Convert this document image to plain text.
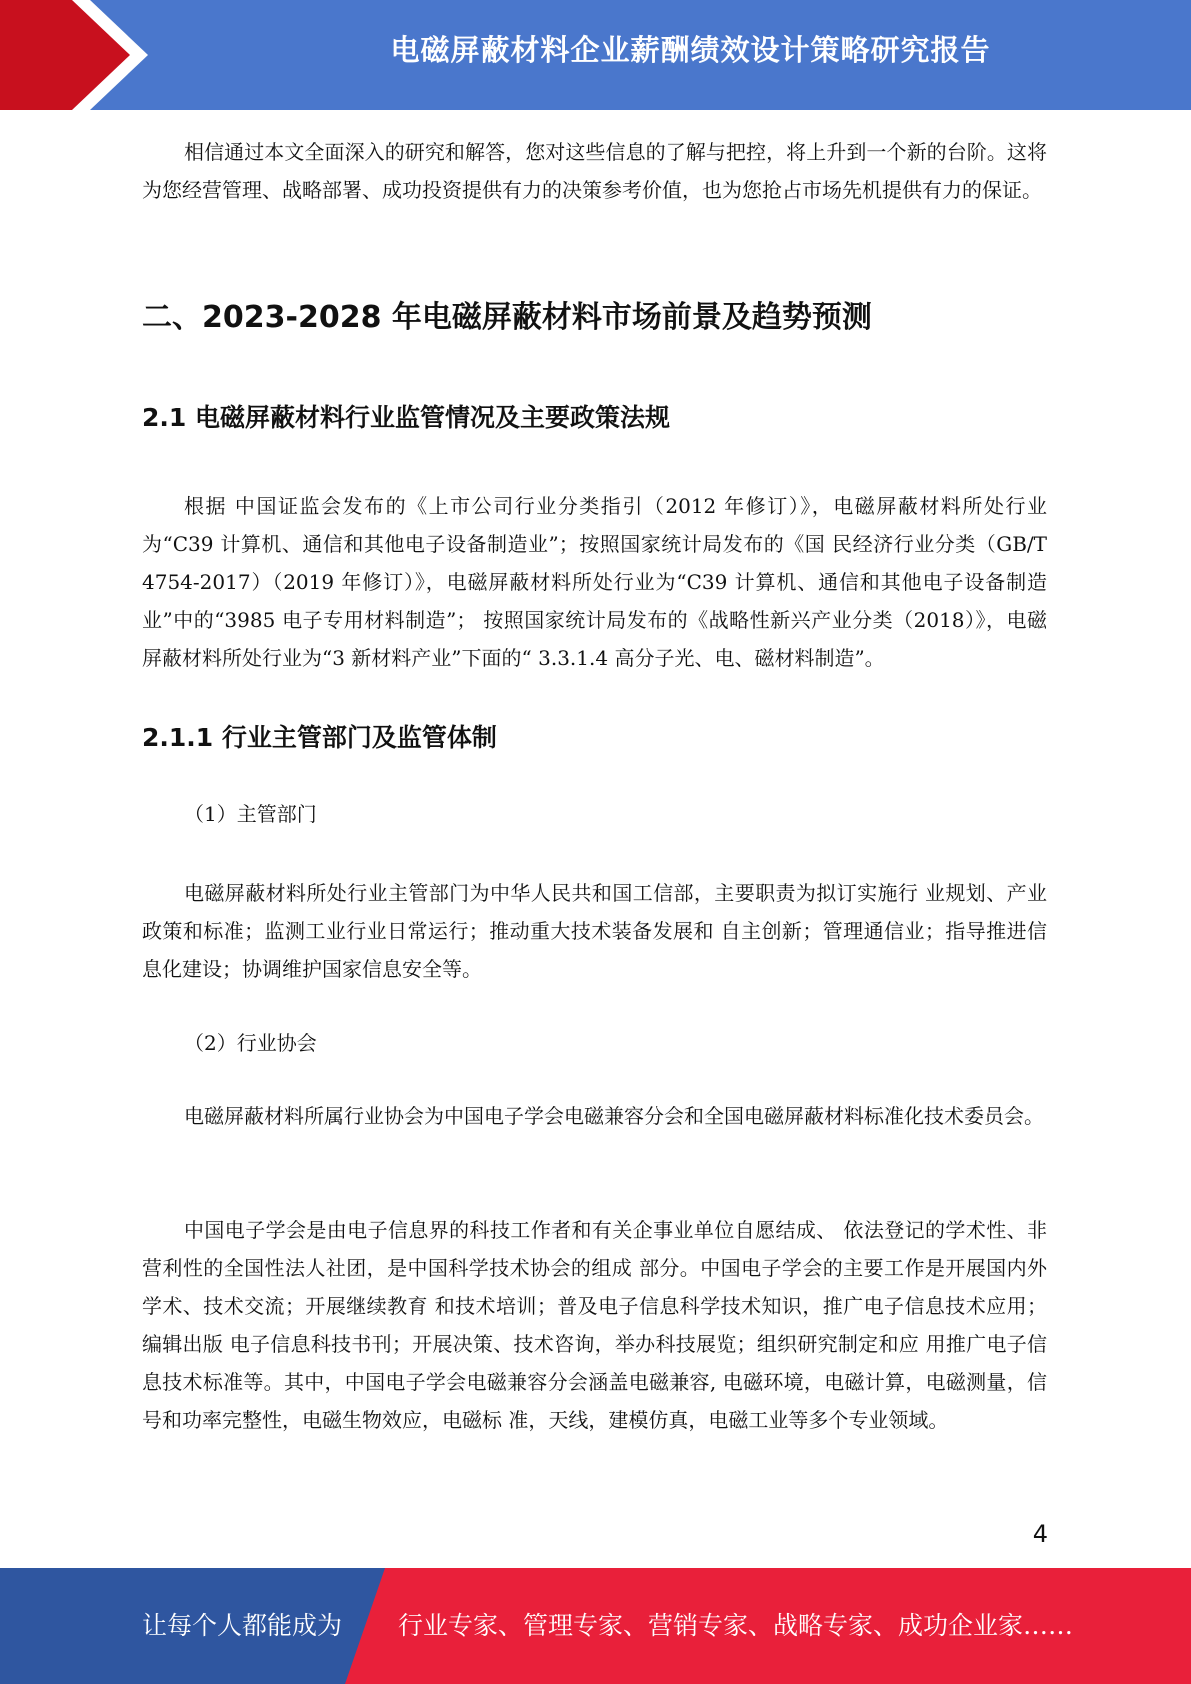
电磁屏蔽材料企业薪酬绩效设计策略研究报告

相信通过本文全面深入的研究和解答，您对这些信息的了解与把控，将上升到一个新的台阶。这将为您经营管理、战略部署、成功投资提供有力的决策参考价值，也为您抢占市场先机提供有力的保证。

二、2023-2028 年电磁屏蔽材料市场前景及趋势预测
2.1 电磁屏蔽材料行业监管情况及主要政策法规

根据 中国证监会发布的《上市公司行业分类指引（2012 年修订）》，电磁屏蔽材料所处行业为“C39 计算机、通信和其他电子设备制造业”；按照国家统计局发布的《国 民经济行业分类（GB/T 4754-2017）（2019 年修订）》，电磁屏蔽材料所处行业为“C39 计算机、通信和其他电子设备制造业”中的“3985 电子专用材料制造”； 按照国家统计局发布的《战略性新兴产业分类（2018）》，电磁屏蔽材料所处行业为“3 新材料产业”下面的“ 3.3.1.4 高分子光、电、磁材料制造”。

2.1.1 行业主管部门及监管体制
（1）主管部门

电磁屏蔽材料所处行业主管部门为中华人民共和国工信部，主要职责为拟订实施行 业规划、产业政策和标准；监测工业行业日常运行；推动重大技术装备发展和 自主创新；管理通信业；指导推进信息化建设；协调维护国家信息安全等。

（2）行业协会

电磁屏蔽材料所属行业协会为中国电子学会电磁兼容分会和全国电磁屏蔽材料标准化技术委员会。

中国电子学会是由电子信息界的科技工作者和有关企事业单位自愿结成、 依法登记的学术性、非营利性的全国性法人社团，是中国科学技术协会的组成 部分。中国电子学会的主要工作是开展国内外学术、技术交流；开展继续教育 和技术培训；普及电子信息科学技术知识，推广电子信息技术应用；编辑出版 电子信息科技书刊；开展决策、技术咨询，举办科技展览；组织研究制定和应 用推广电子信息技术标准等。其中，中国电子学会电磁兼容分会涵盖电磁兼容, 电磁环境，电磁计算，电磁测量，信号和功率完整性，电磁生物效应，电磁标 准，天线，建模仿真，电磁工业等多个专业领域。

4
让每个人都能成为 行业专家、管理专家、营销专家、战略专家、成功企业家……
